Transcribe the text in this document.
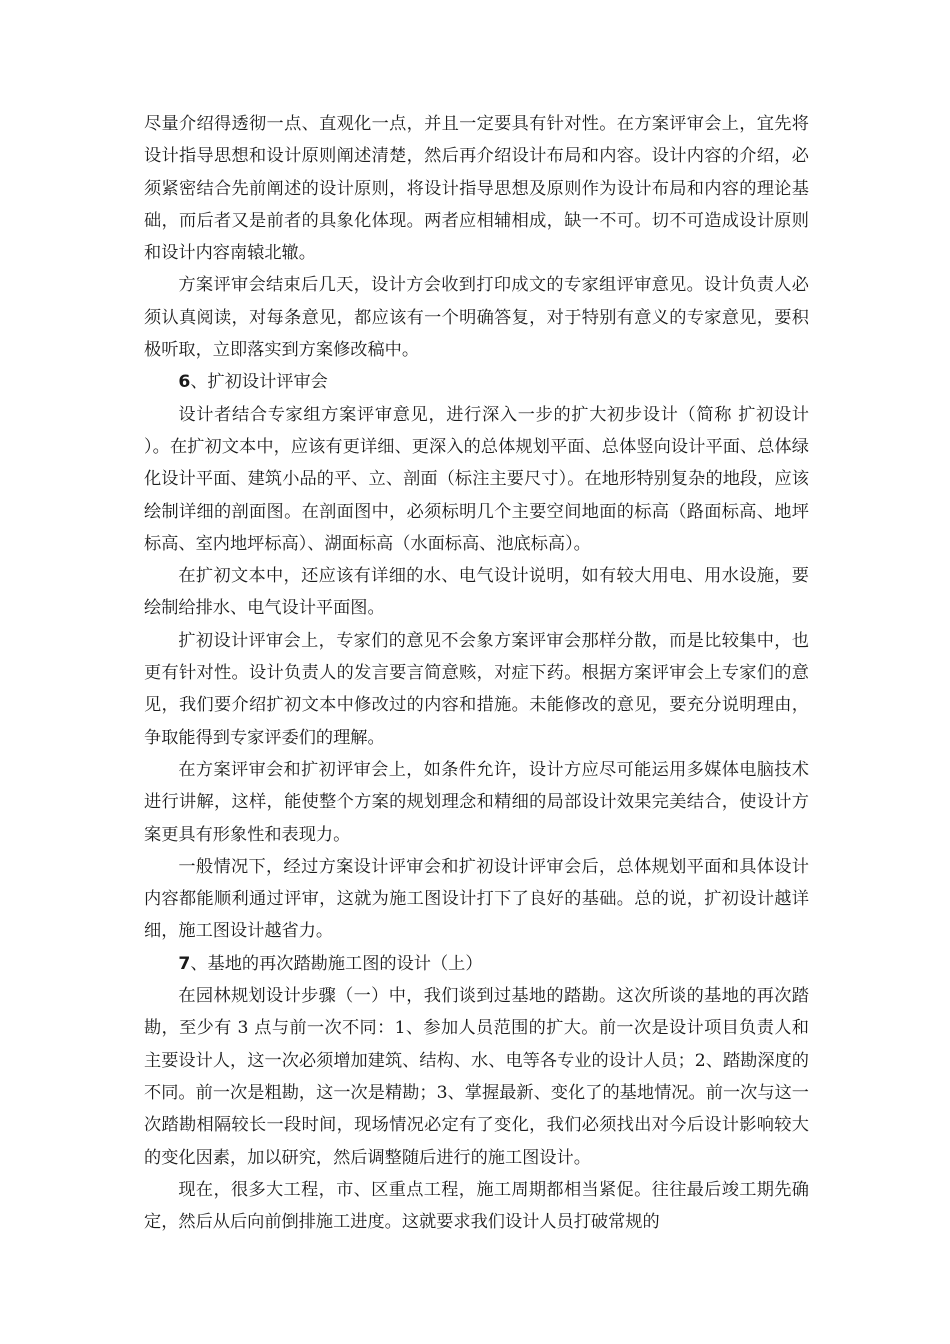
尽量介绍得透彻一点、直观化一点，并且一定要具有针对性。在方案评审会上，宜先将设计指导思想和设计原则阐述清楚，然后再介绍设计布局和内容。设计内容的介绍，必须紧密结合先前阐述的设计原则，将设计指导思想及原则作为设计布局和内容的理论基础，而后者又是前者的具象化体现。两者应相辅相成，缺一不可。切不可造成设计原则和设计内容南辕北辙。

方案评审会结束后几天，设计方会收到打印成文的专家组评审意见。设计负责人必须认真阅读，对每条意见，都应该有一个明确答复，对于特别有意义的专家意见，要积极听取，立即落实到方案修改稿中。

6、扩初设计评审会

设计者结合专家组方案评审意见，进行深入一步的扩大初步设计（简称 扩初设计 ）。在扩初文本中，应该有更详细、更深入的总体规划平面、总体竖向设计平面、总体绿化设计平面、建筑小品的平、立、剖面（标注主要尺寸）。在地形特别复杂的地段，应该绘制详细的剖面图。在剖面图中，必须标明几个主要空间地面的标高（路面标高、地坪标高、室内地坪标高）、湖面标高（水面标高、池底标高）。

在扩初文本中，还应该有详细的水、电气设计说明，如有较大用电、用水设施，要绘制给排水、电气设计平面图。

扩初设计评审会上，专家们的意见不会象方案评审会那样分散，而是比较集中，也更有针对性。设计负责人的发言要言简意赅，对症下药。根据方案评审会上专家们的意见，我们要介绍扩初文本中修改过的内容和措施。未能修改的意见，要充分说明理由，争取能得到专家评委们的理解。

在方案评审会和扩初评审会上，如条件允许，设计方应尽可能运用多媒体电脑技术进行讲解，这样，能使整个方案的规划理念和精细的局部设计效果完美结合，使设计方案更具有形象性和表现力。

一般情况下，经过方案设计评审会和扩初设计评审会后，总体规划平面和具体设计内容都能顺利通过评审，这就为施工图设计打下了良好的基础。总的说，扩初设计越详细，施工图设计越省力。

7、基地的再次踏勘施工图的设计（上）

在园林规划设计步骤（一）中，我们谈到过基地的踏勘。这次所谈的基地的再次踏勘，至少有 3 点与前一次不同：1、参加人员范围的扩大。前一次是设计项目负责人和主要设计人，这一次必须增加建筑、结构、水、电等各专业的设计人员；2、踏勘深度的不同。前一次是粗勘，这一次是精勘；3、掌握最新、变化了的基地情况。前一次与这一次踏勘相隔较长一段时间，现场情况必定有了变化，我们必须找出对今后设计影响较大的变化因素，加以研究，然后调整随后进行的施工图设计。

现在，很多大工程，市、区重点工程，施工周期都相当紧促。往往最后竣工期先确定，然后从后向前倒排施工进度。这就要求我们设计人员打破常规的
